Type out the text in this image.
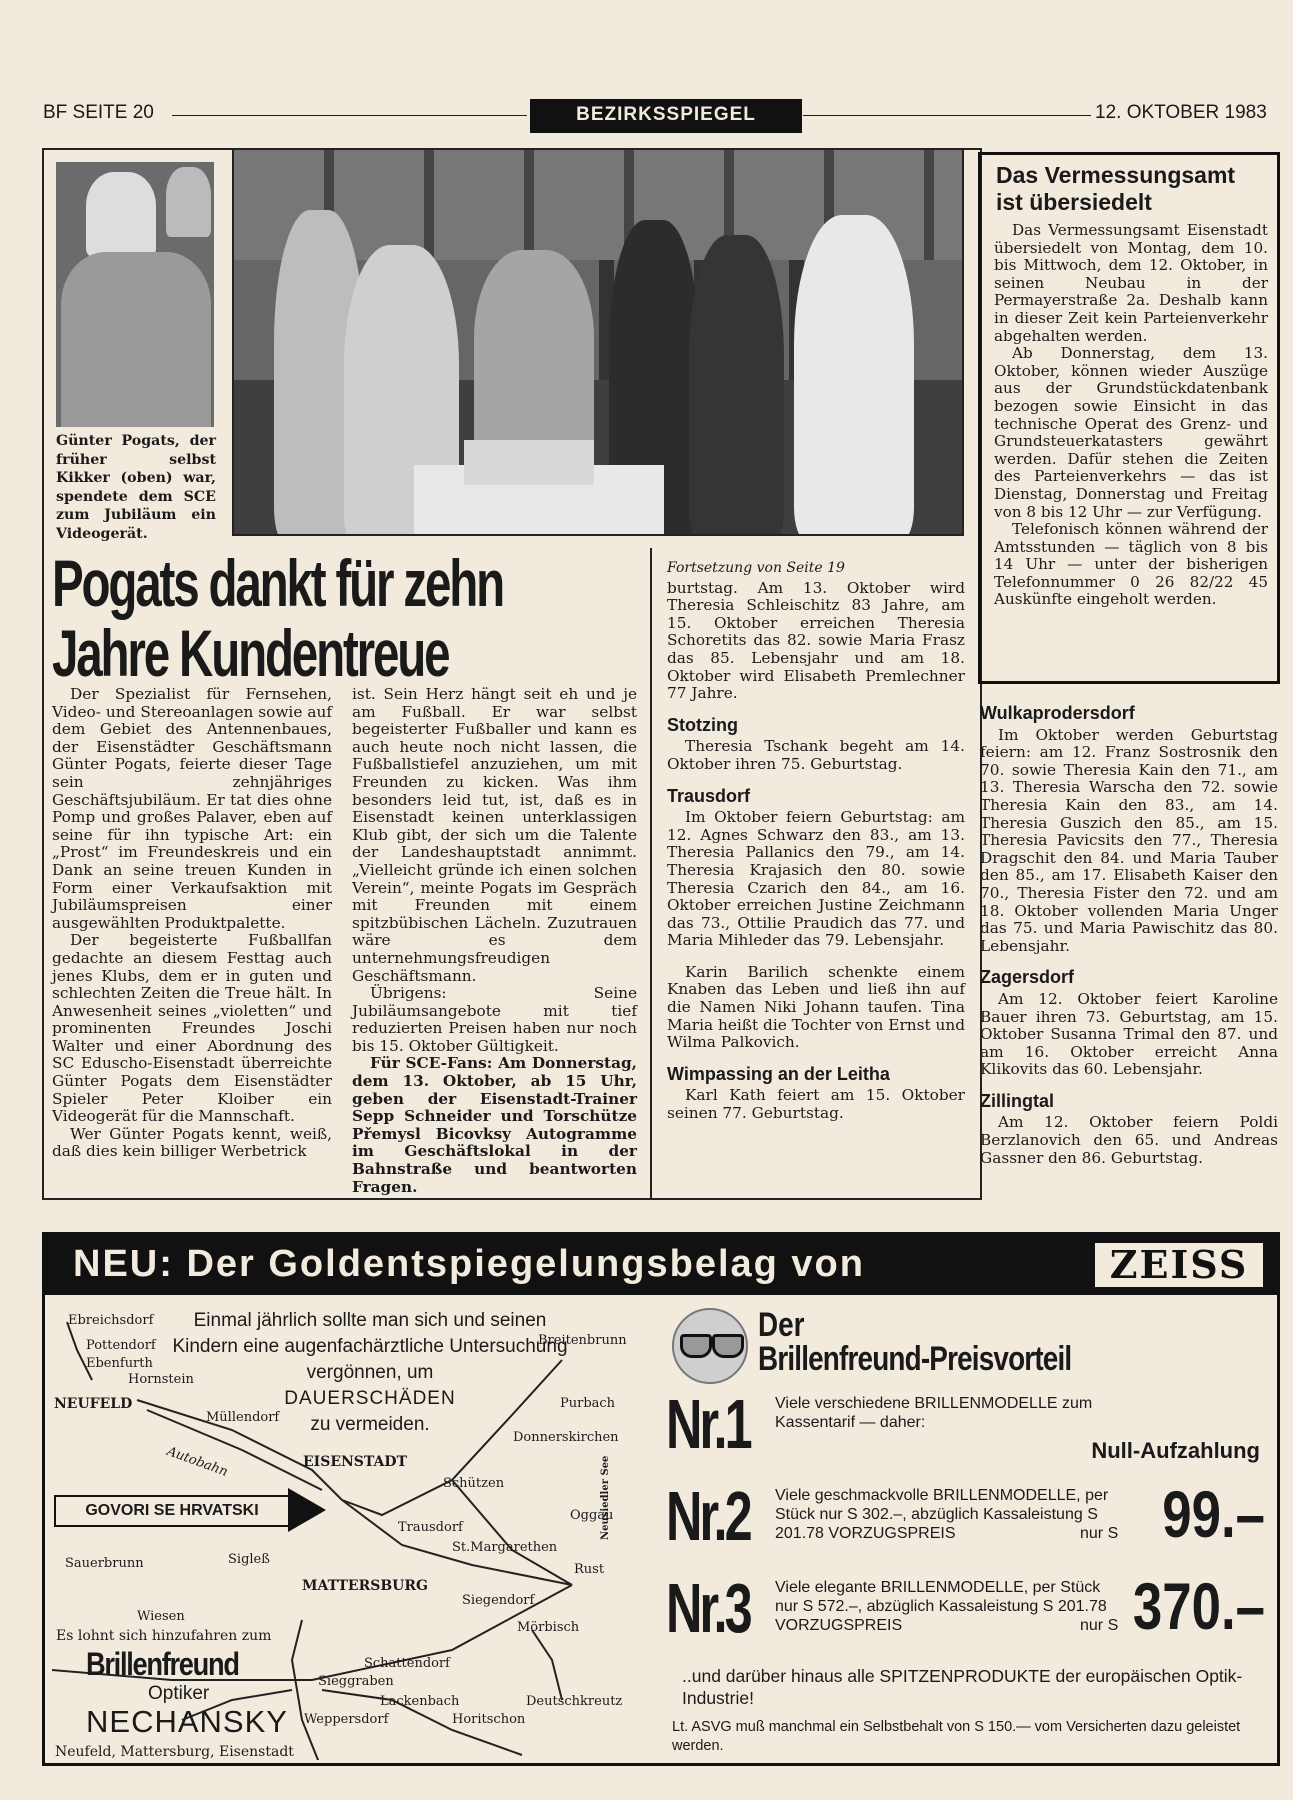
BF SEITE 20	BEZIRKSSPIEGEL	12. OKTOBER 1983
Günter Pogats, der früher selbst Kikker (oben) war, spendete dem SCE zum Jubiläum ein Videogerät.
Pogats dankt für zehn
Jahre Kundentreue

Der Spezialist für Fernsehen, Video- und Stereoanlagen sowie auf dem Gebiet des Antennenbaues, der Eisenstädter Geschäftsmann Günter Pogats, feierte dieser Tage sein zehnjähriges Geschäftsjubiläum. Er tat dies ohne Pomp und großes Palaver, eben auf seine für ihn typische Art: ein „Prost“ im Freundeskreis und ein Dank an seine treuen Kunden in Form einer Verkaufsaktion mit Jubiläumspreisen einer ausgewählten Produktpalette.

Der begeisterte Fußballfan gedachte an diesem Festtag auch jenes Klubs, dem er in guten und schlechten Zeiten die Treue hält. In Anwesenheit seines „violetten“ und prominenten Freundes Joschi Walter und einer Abordnung des SC Eduscho-Eisenstadt überreichte Günter Pogats dem Eisenstädter Spieler Peter Kloiber ein Videogerät für die Mannschaft.

Wer Günter Pogats kennt, weiß, daß dies kein billiger Werbetrick

ist. Sein Herz hängt seit eh und je am Fußball. Er war selbst begeisterter Fußballer und kann es auch heute noch nicht lassen, die Fußballstiefel anzuziehen, um mit Freunden zu kicken. Was ihm besonders leid tut, ist, daß es in Eisenstadt keinen unterklassigen Klub gibt, der sich um die Talente der Landeshauptstadt annimmt. „Vielleicht gründe ich einen solchen Verein“, meinte Pogats im Gespräch mit Freunden mit einem spitzbübischen Lächeln. Zuzutrauen wäre es dem unternehmungsfreudigen Geschäftsmann.

Übrigens: Seine Jubiläumsangebote mit tief reduzierten Preisen haben nur noch bis 15. Oktober Gültigkeit.

Für SCE-Fans: Am Donnerstag, dem 13. Oktober, ab 15 Uhr, geben der Eisenstadt-Trainer Sepp Schneider und Torschütze Přemysl Bicovksy Autogramme im Geschäftslokal in der Bahnstraße und beantworten Fragen.

Fortsetzung von Seite 19

burtstag. Am 13. Oktober wird Theresia Schleischitz 83 Jahre, am 15. Oktober erreichen Theresia Schoretits das 82. sowie Maria Frasz das 85. Lebensjahr und am 18. Oktober wird Elisabeth Premlechner 77 Jahre.

Stotzing

Theresia Tschank begeht am 14. Oktober ihren 75. Geburtstag.

Trausdorf

Im Oktober feiern Geburtstag: am 12. Agnes Schwarz den 83., am 13. Theresia Pallanics den 79., am 14. Theresia Krajasich den 80. sowie Theresia Czarich den 84., am 16. Oktober erreichen Justine Zeichmann das 73., Ottilie Praudich das 77. und Maria Mihleder das 79. Lebensjahr.

Karin Barilich schenkte einem Knaben das Leben und ließ ihn auf die Namen Niki Johann taufen. Tina Maria heißt die Tochter von Ernst und Wilma Palkovich.

Wimpassing an der Leitha

Karl Kath feiert am 15. Oktober seinen 77. Geburtstag.

Das Vermessungsamt ist übersiedelt

Das Vermessungsamt Eisenstadt übersiedelt von Montag, dem 10. bis Mittwoch, dem 12. Oktober, in seinen Neubau in der Permayerstraße 2a. Deshalb kann in dieser Zeit kein Parteienverkehr abgehalten werden.

Ab Donnerstag, dem 13. Oktober, können wieder Auszüge aus der Grundstückdatenbank bezogen sowie Einsicht in das technische Operat des Grenz- und Grundsteuerkatasters gewährt werden. Dafür stehen die Zeiten des Parteienverkehrs — das ist Dienstag, Donnerstag und Freitag von 8 bis 12 Uhr — zur Verfügung.

Telefonisch können während der Amtsstunden — täglich von 8 bis 14 Uhr — unter der bisherigen Telefonnummer 0 26 82/22 45 Auskünfte eingeholt werden.

Wulkaprodersdorf

Im Oktober werden Geburtstag feiern: am 12. Franz Sostrosnik den 70. sowie Theresia Kain den 71., am 13. Theresia Warscha den 72. sowie Theresia Kain den 83., am 14. Theresia Guszich den 85., am 15. Theresia Pavicsits den 77., Theresia Dragschit den 84. und Maria Tauber den 85., am 17. Elisabeth Kaiser den 70., Theresia Fister den 72. und am 18. Oktober vollenden Maria Unger das 75. und Maria Pawischitz das 80. Lebensjahr.

Zagersdorf

Am 12. Oktober feiert Karoline Bauer ihren 73. Geburtstag, am 15. Oktober Susanna Trimal den 87. und am 16. Oktober erreicht Anna Klikovits das 60. Lebensjahr.

Zillingtal

Am 12. Oktober feiern Poldi Berzlanovich den 65. und Andreas Gassner den 86. Geburtstag.

NEU: Der Goldentspiegelungsbelag von	ZEISS
Einmal jährlich sollte man sich und seinen Kindern eine augenfachärztliche Untersuchung vergönnen, um
DAUERSCHÄDEN
zu vermeiden.
Ebreichsdorf
Pottendorf
Ebenfurth
Hornstein
Breitenbrunn
NEUFELD
Müllendorf
Purbach
Donnerskirchen
Autobahn	EISENSTADT
Schützen
Oggau
Trausdorf
St.Margarethen
Rust
Sauerbrunn	Sigleß
MATTERSBURG
Siegendorf
Wiesen
Mörbisch
Schattendorf
Sieggraben
Lackenbach	Deutschkreutz
Weppersdorf	Horitschon
Neusiedler See
GOVORI SE HRVATSKI
Es lohnt sich hinzufahren zum
Brillenfreund
Optiker
NECHANSKY
Neufeld, Mattersburg, Eisenstadt
Der
Brillenfreund-Preisvorteil
Nr.1 Viele verschiedene BRILLENMODELLE zum Kassentarif — daher:
Null-Aufzahlung
Nr.2 Viele geschmackvolle BRILLENMODELLE, per Stück nur S 302.–, abzüglich Kassaleistung S 201.78 VORZUGSPREIS	nur S 99.–
Nr.3 Viele elegante BRILLENMODELLE, per Stück nur S 572.–, abzüglich Kassaleistung S 201.78 VORZUGSPREIS	nur S 370.–
..und darüber hinaus alle SPITZENPRODUKTE der europäischen Optik-Industrie!
Lt. ASVG muß manchmal ein Selbstbehalt von S 150.— vom Versicherten dazu geleistet werden.
